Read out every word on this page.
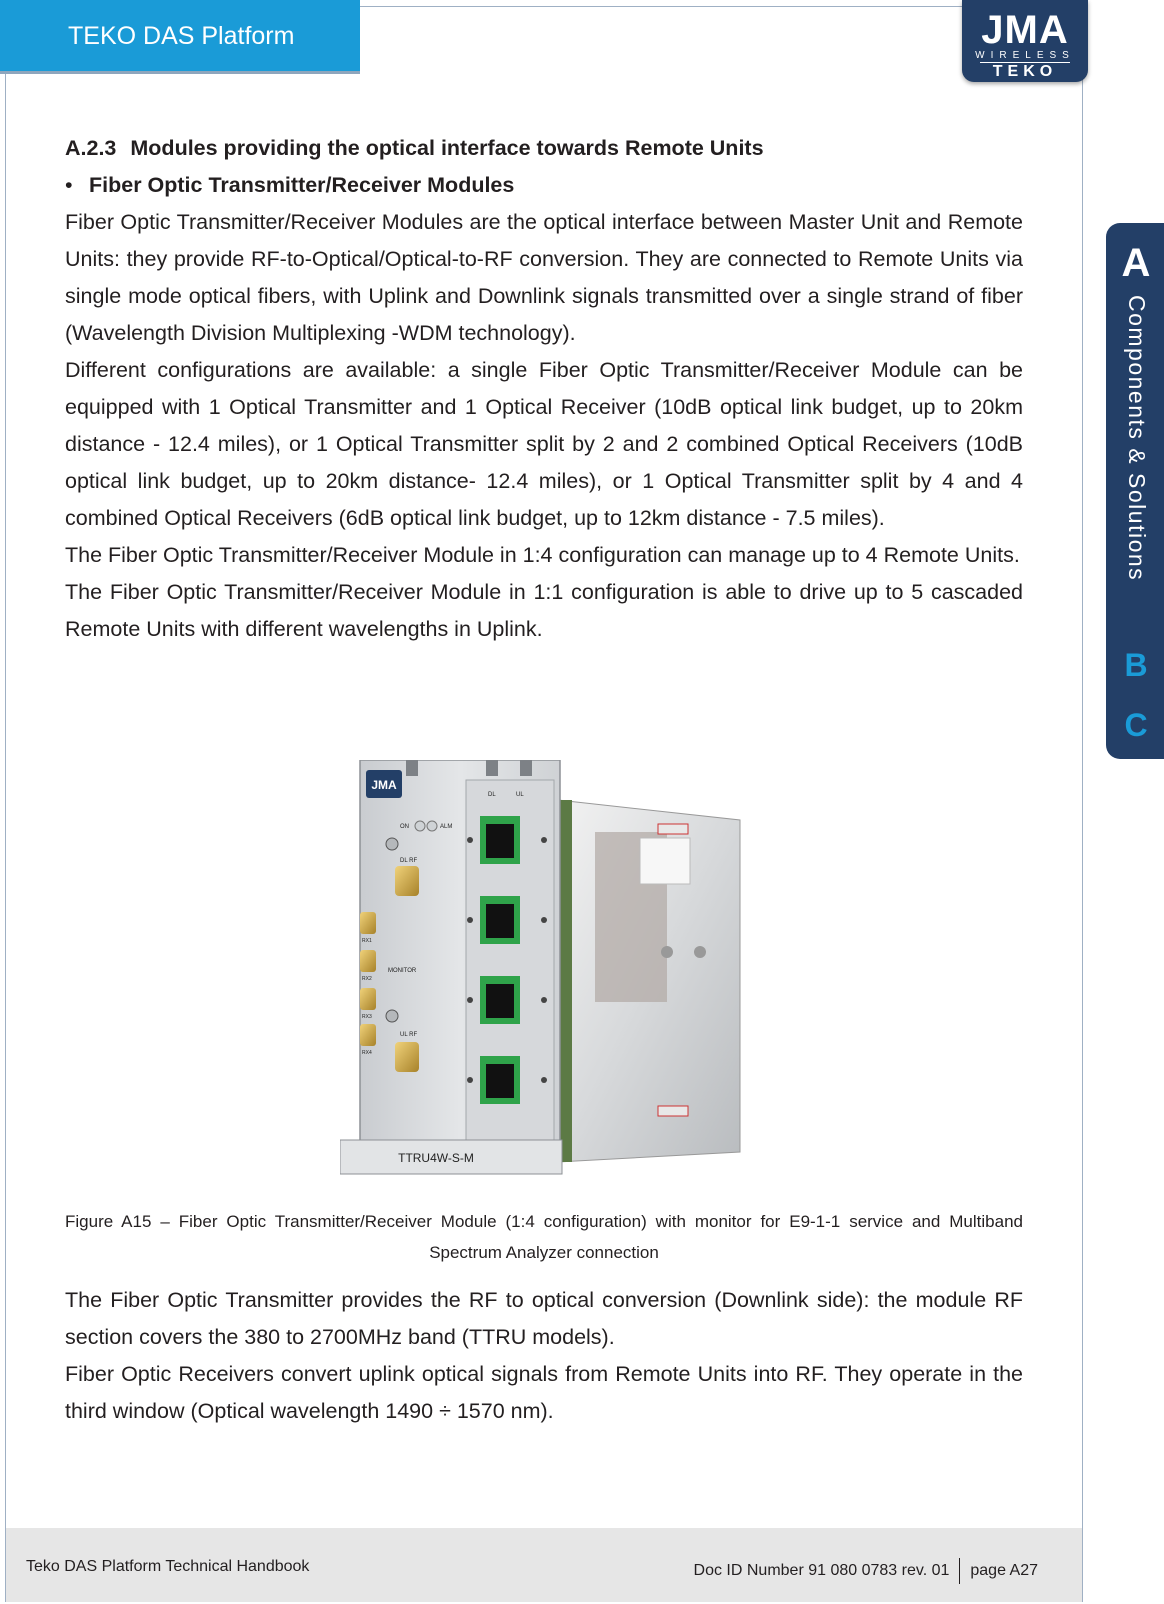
TEKO DAS Platform	JMA
WIRELESS
TEKO
A
Components & Solutions
B
C
A.2.3 Modules providing the optical interface towards Remote Units
• Fiber Optic Transmitter/Receiver Modules

Fiber Optic Transmitter/Receiver Modules are the optical interface between Master Unit and Remote Units: they provide RF-to-Optical/Optical-to-RF conversion. They are connected to Remote Units via single mode optical fibers, with Uplink and Downlink signals transmitted over a single strand of fiber (Wavelength Division Multiplexing -WDM technology).

Different configurations are available: a single Fiber Optic Transmitter/Receiver Module can be equipped with 1 Optical Transmitter and 1 Optical Receiver (10dB optical link budget, up to 20km distance - 12.4 miles), or 1 Optical Transmitter split by 2 and 2 combined Optical Receivers (10dB optical link budget, up to 20km distance- 12.4 miles), or 1 Optical Transmitter split by 4 and 4 combined Optical Receivers (6dB optical link budget, up to 12km distance - 7.5 miles).

The Fiber Optic Transmitter/Receiver Module in 1:4 configuration can manage up to 4 Remote Units.

The Fiber Optic Transmitter/Receiver Module in 1:1 configuration is able to drive up to 5 cascaded Remote Units with different wavelengths in Uplink.

JMA
ON	ALM
DL RF
RX1
RX2
RX3
RX4
MONITOR
UL RF
DL	UL
TTRU4W-S-M
Figure A15 – Fiber Optic Transmitter/Receiver Module (1:4 configuration) with monitor for E9-1-1 service and Multiband Spectrum Analyzer connection

The Fiber Optic Transmitter provides the RF to optical conversion (Downlink side): the module RF section covers the 380 to 2700MHz band (TTRU models).

Fiber Optic Receivers convert uplink optical signals from Remote Units into RF. They operate in the third window (Optical wavelength 1490 ÷ 1570 nm).

Teko DAS Platform Technical Handbook	Doc ID Number 91 080 0783 rev. 01 page A27
